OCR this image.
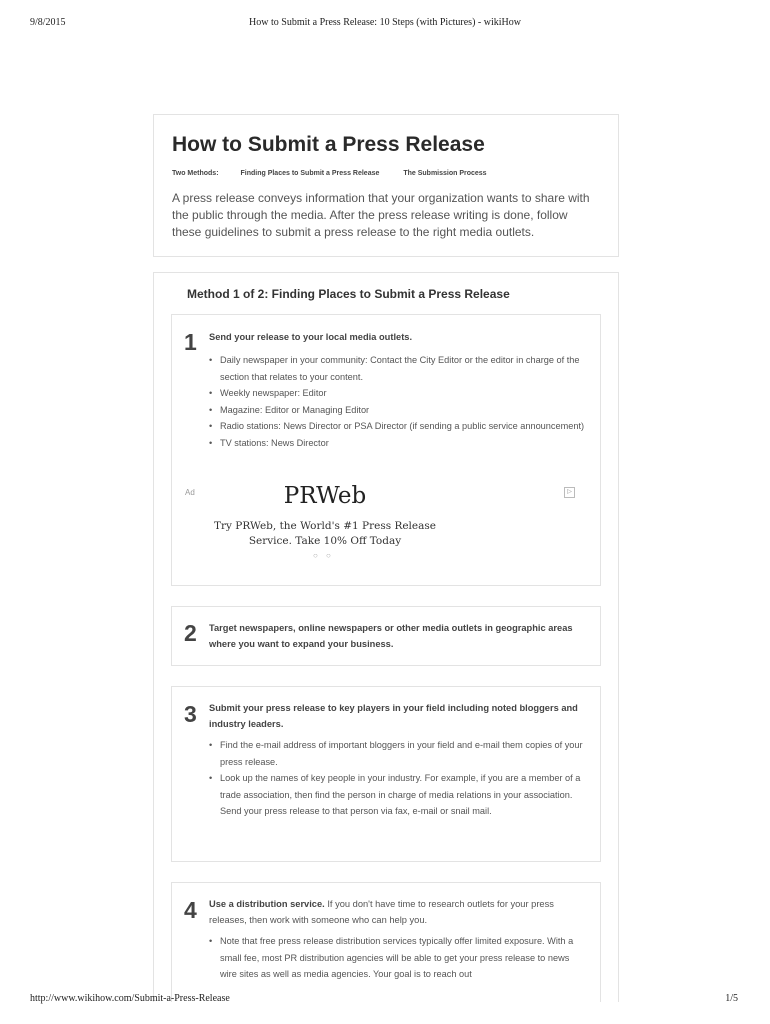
9/8/2015	How to Submit a Press Release: 10 Steps (with Pictures) - wikiHow
How to Submit a Press Release
Two Methods:	Finding Places to Submit a Press Release	The Submission Process

A press release conveys information that your organization wants to share with the public through the media. After the press release writing is done, follow these guidelines to submit a press release to the right media outlets.

Method 1 of 2: Finding Places to Submit a Press Release
1 Send your release to your local media outlets.
• Daily newspaper in your community: Contact the City Editor or the editor in charge of the section that relates to your content.
• Weekly newspaper: Editor
• Magazine: Editor or Managing Editor
• Radio stations: News Director or PSA Director (if sending a public service announcement)
• TV stations: News Director
Ad	▷
PRWeb
Try PRWeb, the World's #1 Press Release Service. Take 10% Off Today
○ ○
2 Target newspapers, online newspapers or other media outlets in geographic areas where you want to expand your business.
3 Submit your press release to key players in your field including noted bloggers and industry leaders.
• Find the e-mail address of important bloggers in your field and e-mail them copies of your press release.
• Look up the names of key people in your industry. For example, if you are a member of a trade association, then find the person in charge of media relations in your association. Send your press release to that person via fax, e-mail or snail mail.
4 Use a distribution service. If you don't have time to research outlets for your press releases, then work with someone who can help you.
• Note that free press release distribution services typically offer limited exposure. With a small fee, most PR distribution agencies will be able to get your press release to news wire sites as well as media agencies. Your goal is to reach out
http://www.wikihow.com/Submit-a-Press-Release	1/5
